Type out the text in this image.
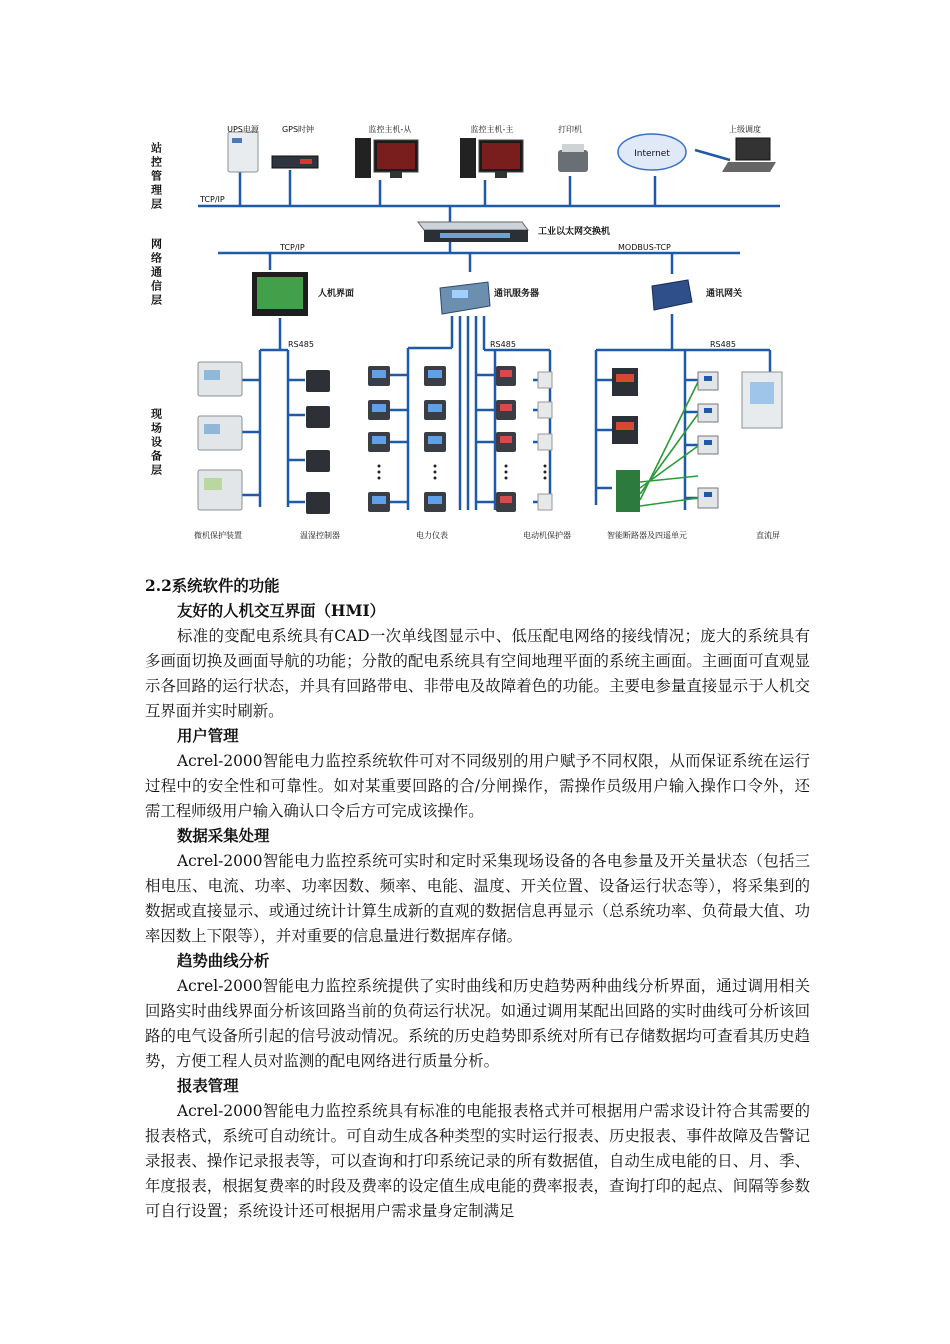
站控管理层
网络通信层
现场设备层
Internet
UPS电源	GPS时钟	监控主机-从	监控主机-主	打印机	上级调度
TCP/IP
TCP/IP	MODBUS-TCP
RS485	RS485	RS485
工业以太网交换机
人机界面	通讯服务器	通讯网关
微机保护装置	温湿控制器	电力仪表	电动机保护器	智能断路器及四遥单元	直流屏

2.2系统软件的功能

友好的人机交互界面（HMI）

标准的变配电系统具有CAD一次单线图显示中、低压配电网络的接线情况；庞大的系统具有多画面切换及画面导航的功能；分散的配电系统具有空间地理平面的系统主画面。主画面可直观显示各回路的运行状态，并具有回路带电、非带电及故障着色的功能。主要电参量直接显示于人机交互界面并实时刷新。

用户管理

Acrel-2000智能电力监控系统软件可对不同级别的用户赋予不同权限，从而保证系统在运行过程中的安全性和可靠性。如对某重要回路的合/分闸操作，需操作员级用户输入操作口令外，还需工程师级用户输入确认口令后方可完成该操作。

数据采集处理

Acrel-2000智能电力监控系统可实时和定时采集现场设备的各电参量及开关量状态（包括三相电压、电流、功率、功率因数、频率、电能、温度、开关位置、设备运行状态等），将采集到的数据或直接显示、或通过统计计算生成新的直观的数据信息再显示（总系统功率、负荷最大值、功率因数上下限等），并对重要的信息量进行数据库存储。

趋势曲线分析

Acrel-2000智能电力监控系统提供了实时曲线和历史趋势两种曲线分析界面，通过调用相关回路实时曲线界面分析该回路当前的负荷运行状况。如通过调用某配出回路的实时曲线可分析该回路的电气设备所引起的信号波动情况。系统的历史趋势即系统对所有已存储数据均可查看其历史趋势，方便工程人员对监测的配电网络进行质量分析。

报表管理

Acrel-2000智能电力监控系统具有标准的电能报表格式并可根据用户需求设计符合其需要的报表格式，系统可自动统计。可自动生成各种类型的实时运行报表、历史报表、事件故障及告警记录报表、操作记录报表等，可以查询和打印系统记录的所有数据值，自动生成电能的日、月、季、年度报表，根据复费率的时段及费率的设定值生成电能的费率报表，查询打印的起点、间隔等参数可自行设置；系统设计还可根据用户需求量身定制满足
